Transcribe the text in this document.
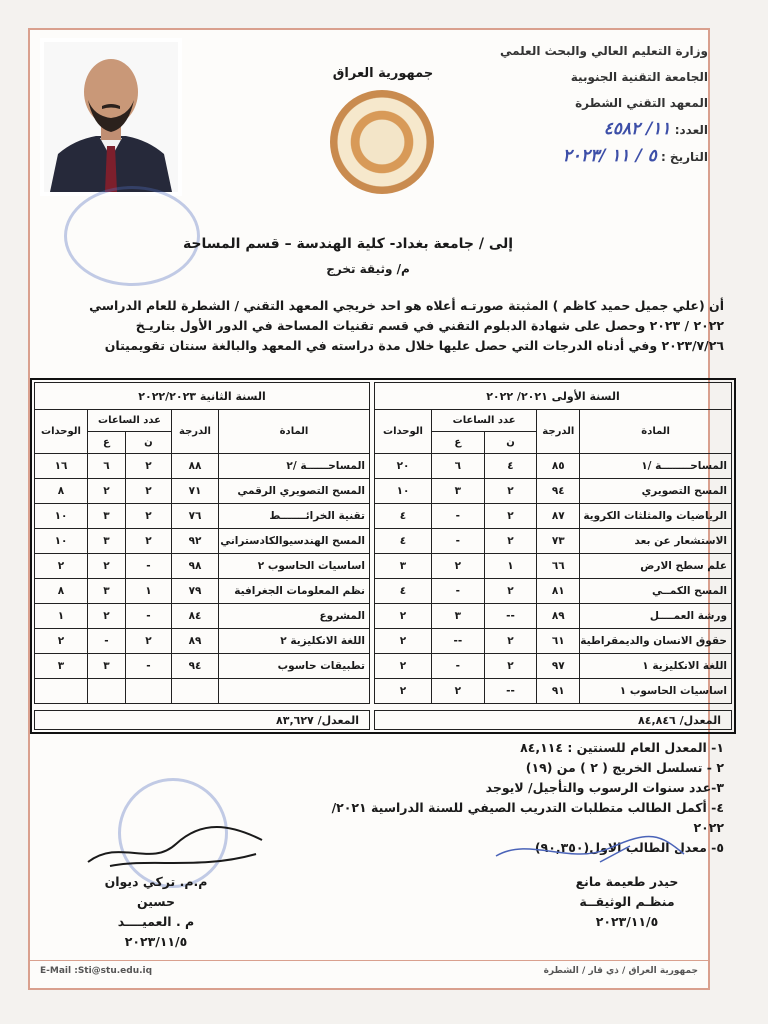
وزارة التعليم العالي والبحث العلمي
الجامعة التقنية الجنوبية
المعهد التقني الشطرة
العدد: ١١/ ٤٥٨٢
التاريخ : ٥ / ١١ /٢٠٢٣
جمهورية العراق
إلى / جامعة بغداد- كلية الهندسة – قسم المساحة
م/ وثيقة تخرج
أن (علي جميل حميد كاظم ) المثبتة صورتـه أعلاه هو احد خريجي المعهد التقني / الشطرة للعام الدراسي
٢٠٢٢ / ٢٠٢٣ وحصل على شهادة الدبلوم التقني في قسم تقنيات المساحة في الدور الأول بتاريـخ
٢٠٢٣/٧/٢٦ وفي أدناه الدرجات التي حصل عليها خلال مدة دراسته في المعهد والبالغة سنتان تقويميتان
السنة الأولى ٢٠٢١/ ٢٠٢٢				
المادة	الدرجة	عدد الساعات		الوحدات
		ن	ع	
المساحــــــــة /١	٨٥	٤	٦	٢٠
المسح التصويري	٩٤	٢	٣	١٠
الرياضيات والمثلثات الكروية	٨٧	٢	-	٤
الاستشعار عن بعد	٧٣	٢	-	٤
علم سطح الارض	٦٦	١	٢	٣
المسح الكمــي	٨١	٢	-	٤
ورشة العمــــل	٨٩	--	٣	٢
حقوق الانسان والديمقراطية	٦١	٢	--	٢
اللغة الانكليزية ١	٩٧	٢	-	٢
اساسيات الحاسوب ١	٩١	--	٢	٢
المعدل/ ٨٤,٨٤٦
السنة الثانية ٢٠٢٢/٢٠٢٣				
المادة	الدرجة	عدد الساعات		الوحدات
		ن	ع	
المساحــــــة /٢	٨٨	٢	٦	١٦
المسح التصويري الرقمي	٧١	٢	٢	٨
تقنية الخرائـــــــط	٧٦	٢	٣	١٠
المسح الهندسيوالكادستراني	٩٢	٢	٣	١٠
اساسيات الحاسوب ٢	٩٨	-	٢	٢
نظم المعلومات الجغرافية	٧٩	١	٣	٨
المشروع	٨٤	-	٢	١
اللغة الانكليزية ٢	٨٩	٢	-	٢
تطبيقات حاسوب	٩٤	-	٣	٣

المعدل/ ٨٣,٦٢٧
١- المعدل العام للسنتين : ٨٤,١١٤
٢ - تسلسل الخريج ( ٢ ) من (١٩)
٣-عدد سنوات الرسوب والتأجيل/ لايوجد
٤- أكمل الطالب متطلبات التدريب الصيفي للسنة الدراسية ٢٠٢١/ ٢٠٢٢
٥- معدل الطالب الاول(٩٠,٣٥٠)
م.م. تركي ديوان حسين
م . العميــــد
٢٠٢٣/١١/٥
حيدر طعيمة مانع
منظـم الوثيقــة
٢٠٢٣/١١/٥
E-Mail :Sti@stu.edu.iq	جمهورية العراق / ذي قار / الشطرة
